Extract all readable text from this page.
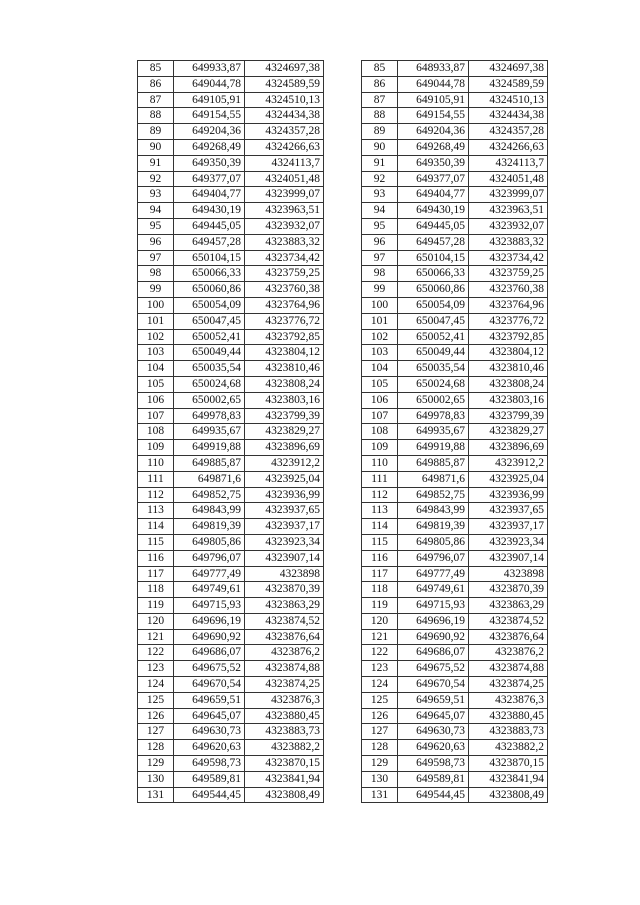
85	649933,87	4324697,38
86	649044,78	4324589,59
87	649105,91	4324510,13
88	649154,55	4324434,38
89	649204,36	4324357,28
90	649268,49	4324266,63
91	649350,39	4324113,7
92	649377,07	4324051,48
93	649404,77	4323999,07
94	649430,19	4323963,51
95	649445,05	4323932,07
96	649457,28	4323883,32
97	650104,15	4323734,42
98	650066,33	4323759,25
99	650060,86	4323760,38
100	650054,09	4323764,96
101	650047,45	4323776,72
102	650052,41	4323792,85
103	650049,44	4323804,12
104	650035,54	4323810,46
105	650024,68	4323808,24
106	650002,65	4323803,16
107	649978,83	4323799,39
108	649935,67	4323829,27
109	649919,88	4323896,69
110	649885,87	4323912,2
111	649871,6	4323925,04
112	649852,75	4323936,99
113	649843,99	4323937,65
114	649819,39	4323937,17
115	649805,86	4323923,34
116	649796,07	4323907,14
117	649777,49	4323898
118	649749,61	4323870,39
119	649715,93	4323863,29
120	649696,19	4323874,52
121	649690,92	4323876,64
122	649686,07	4323876,2
123	649675,52	4323874,88
124	649670,54	4323874,25
125	649659,51	4323876,3
126	649645,07	4323880,45
127	649630,73	4323883,73
128	649620,63	4323882,2
129	649598,73	4323870,15
130	649589,81	4323841,94
131	649544,45	4323808,49
85	648933,87	4324697,38
86	649044,78	4324589,59
87	649105,91	4324510,13
88	649154,55	4324434,38
89	649204,36	4324357,28
90	649268,49	4324266,63
91	649350,39	4324113,7
92	649377,07	4324051,48
93	649404,77	4323999,07
94	649430,19	4323963,51
95	649445,05	4323932,07
96	649457,28	4323883,32
97	650104,15	4323734,42
98	650066,33	4323759,25
99	650060,86	4323760,38
100	650054,09	4323764,96
101	650047,45	4323776,72
102	650052,41	4323792,85
103	650049,44	4323804,12
104	650035,54	4323810,46
105	650024,68	4323808,24
106	650002,65	4323803,16
107	649978,83	4323799,39
108	649935,67	4323829,27
109	649919,88	4323896,69
110	649885,87	4323912,2
111	649871,6	4323925,04
112	649852,75	4323936,99
113	649843,99	4323937,65
114	649819,39	4323937,17
115	649805,86	4323923,34
116	649796,07	4323907,14
117	649777,49	4323898
118	649749,61	4323870,39
119	649715,93	4323863,29
120	649696,19	4323874,52
121	649690,92	4323876,64
122	649686,07	4323876,2
123	649675,52	4323874,88
124	649670,54	4323874,25
125	649659,51	4323876,3
126	649645,07	4323880,45
127	649630,73	4323883,73
128	649620,63	4323882,2
129	649598,73	4323870,15
130	649589,81	4323841,94
131	649544,45	4323808,49
